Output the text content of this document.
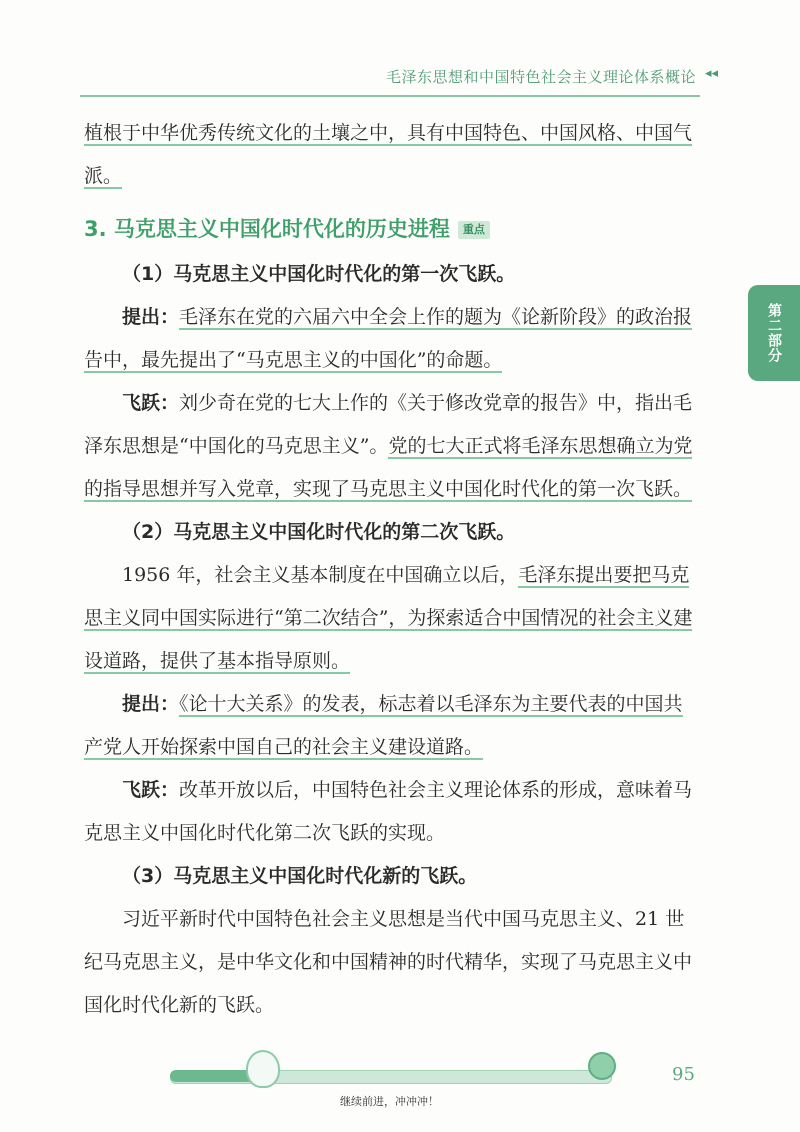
毛泽东思想和中国特色社会主义理论体系概论 ◂◂
第二部分

植根于中华优秀传统文化的土壤之中，具有中国特色、中国风格、中国气派。

3. 马克思主义中国化时代化的历史进程 重点

（1）马克思主义中国化时代化的第一次飞跃。

提出：毛泽东在党的六届六中全会上作的题为《论新阶段》的政治报告中，最先提出了“马克思主义的中国化”的命题。

飞跃：刘少奇在党的七大上作的《关于修改党章的报告》中，指出毛泽东思想是“中国化的马克思主义”。党的七大正式将毛泽东思想确立为党的指导思想并写入党章，实现了马克思主义中国化时代化的第一次飞跃。

（2）马克思主义中国化时代化的第二次飞跃。

1956 年，社会主义基本制度在中国确立以后，毛泽东提出要把马克思主义同中国实际进行“第二次结合”，为探索适合中国情况的社会主义建设道路，提供了基本指导原则。

提出：《论十大关系》的发表，标志着以毛泽东为主要代表的中国共产党人开始探索中国自己的社会主义建设道路。

飞跃：改革开放以后，中国特色社会主义理论体系的形成，意味着马克思主义中国化时代化第二次飞跃的实现。

（3）马克思主义中国化时代化新的飞跃。

习近平新时代中国特色社会主义思想是当代中国马克思主义、21 世纪马克思主义，是中华文化和中国精神的时代精华，实现了马克思主义中国化时代化新的飞跃。

继续前进，冲冲冲！
95
